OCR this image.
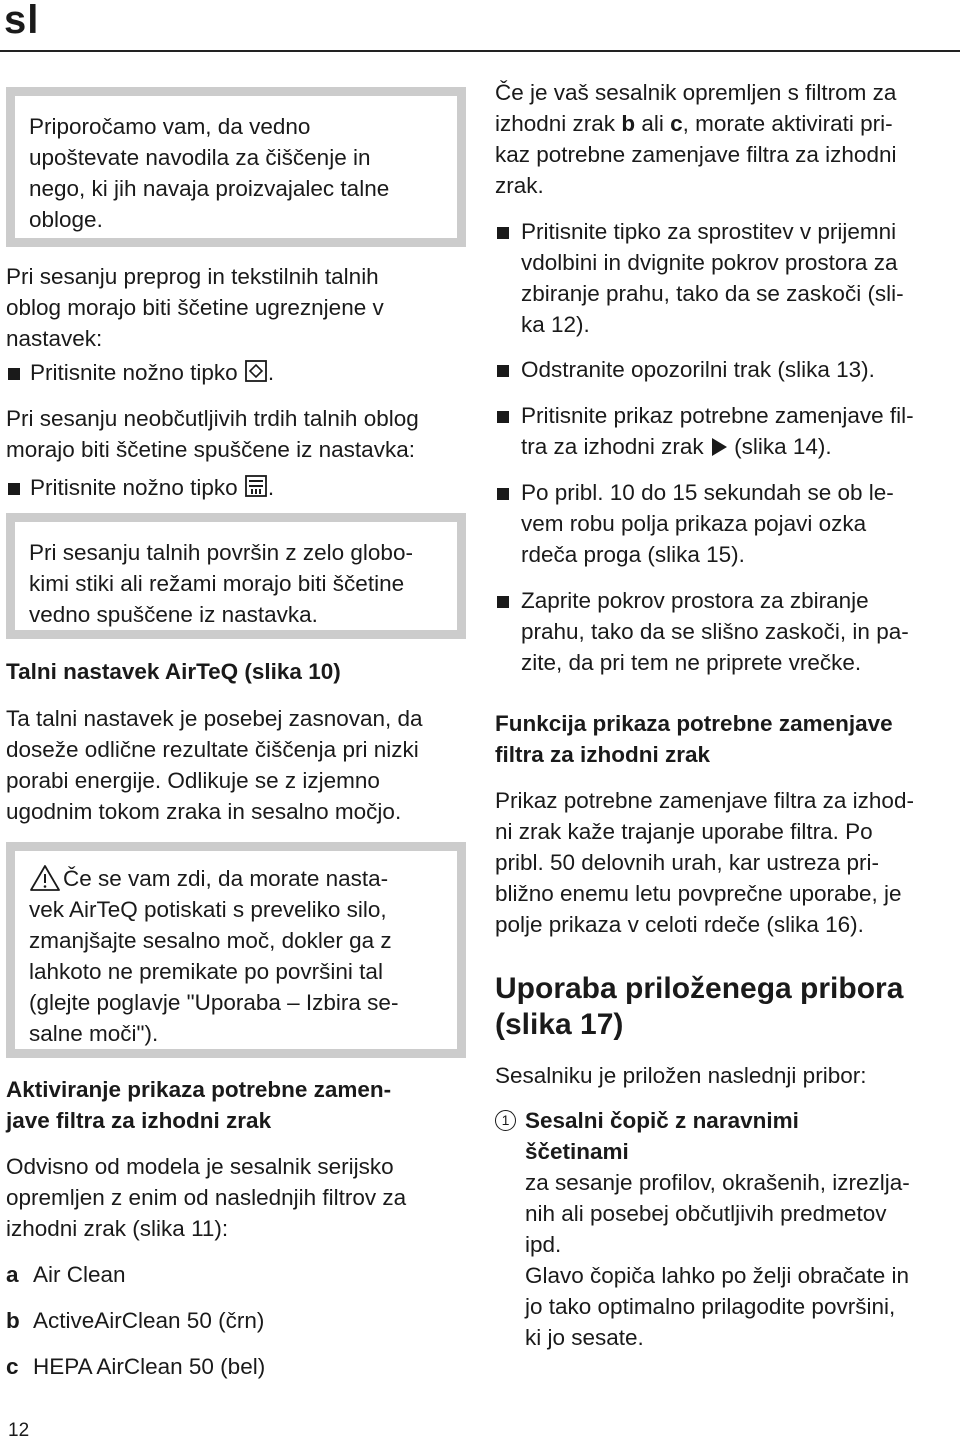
sl

Priporočamo vam, da vedno

upoštevate navodila za čiščenje in

nego, ki jih navaja proizvajalec talne

obloge.

Pri sesanju preprog in tekstilnih talnih

oblog morajo biti ščetine ugreznjene v

nastavek:

Pritisnite nožno tipko .

Pri sesanju neobčutljivih trdih talnih oblog

morajo biti ščetine spuščene iz nastavka:

Pritisnite nožno tipko .

Pri sesanju talnih površin z zelo globo-

kimi stiki ali režami morajo biti ščetine

vedno spuščene iz nastavka.

Talni nastavek AirTeQ (slika 10)

Ta talni nastavek je posebej zasnovan, da

doseže odlične rezultate čiščenja pri nizki

porabi energije. Odlikuje se z izjemno

ugodnim tokom zraka in sesalno močjo.

Če se vam zdi, da morate nasta-

vek AirTeQ potiskati s preveliko silo,

zmanjšajte sesalno moč, dokler ga z

lahkoto ne premikate po površini tal

(glejte poglavje "Uporaba – Izbira se-

salne moči").

Aktiviranje prikaza potrebne zamen-
jave filtra za izhodni zrak

Odvisno od modela je sesalnik serijsko

opremljen z enim od naslednjih filtrov za

izhodni zrak (slika 11):

a Air Clean

b ActiveAirClean 50 (črn)

c HEPA AirClean 50 (bel)

Če je vaš sesalnik opremljen s filtrom za

izhodni zrak b ali c, morate aktivirati pri-

kaz potrebne zamenjave filtra za izhodni

zrak.

Pritisnite tipko za sprostitev v prijemni

vdolbini in dvignite pokrov prostora za

zbiranje prahu, tako da se zaskoči (sli-

ka 12).

Odstranite opozorilni trak (slika 13).

Pritisnite prikaz potrebne zamenjave fil-

tra za izhodni zrak  (slika 14).

Po pribl. 10 do 15 sekundah se ob le-

vem robu polja prikaza pojavi ozka

rdeča proga (slika 15).

Zaprite pokrov prostora za zbiranje

prahu, tako da se slišno zaskoči, in pa-

zite, da pri tem ne priprete vrečke.

Funkcija prikaza potrebne zamenjave
filtra za izhodni zrak

Prikaz potrebne zamenjave filtra za izhod-

ni zrak kaže trajanje uporabe filtra. Po

pribl. 50 delovnih urah, kar ustreza pri-

bližno enemu letu povprečne uporabe, je

polje prikaza v celoti rdeče (slika 16).

Uporaba priloženega pribora
(slika 17)

Sesalniku je priložen naslednji pribor:

1 Sesalni čopič z naravnimi
ščetinami

za sesanje profilov, okrašenih, izrezlja-

nih ali posebej občutljivih predmetov

ipd.

Glavo čopiča lahko po želji obračate in

jo tako optimalno prilagodite površini,

ki jo sesate.

12
